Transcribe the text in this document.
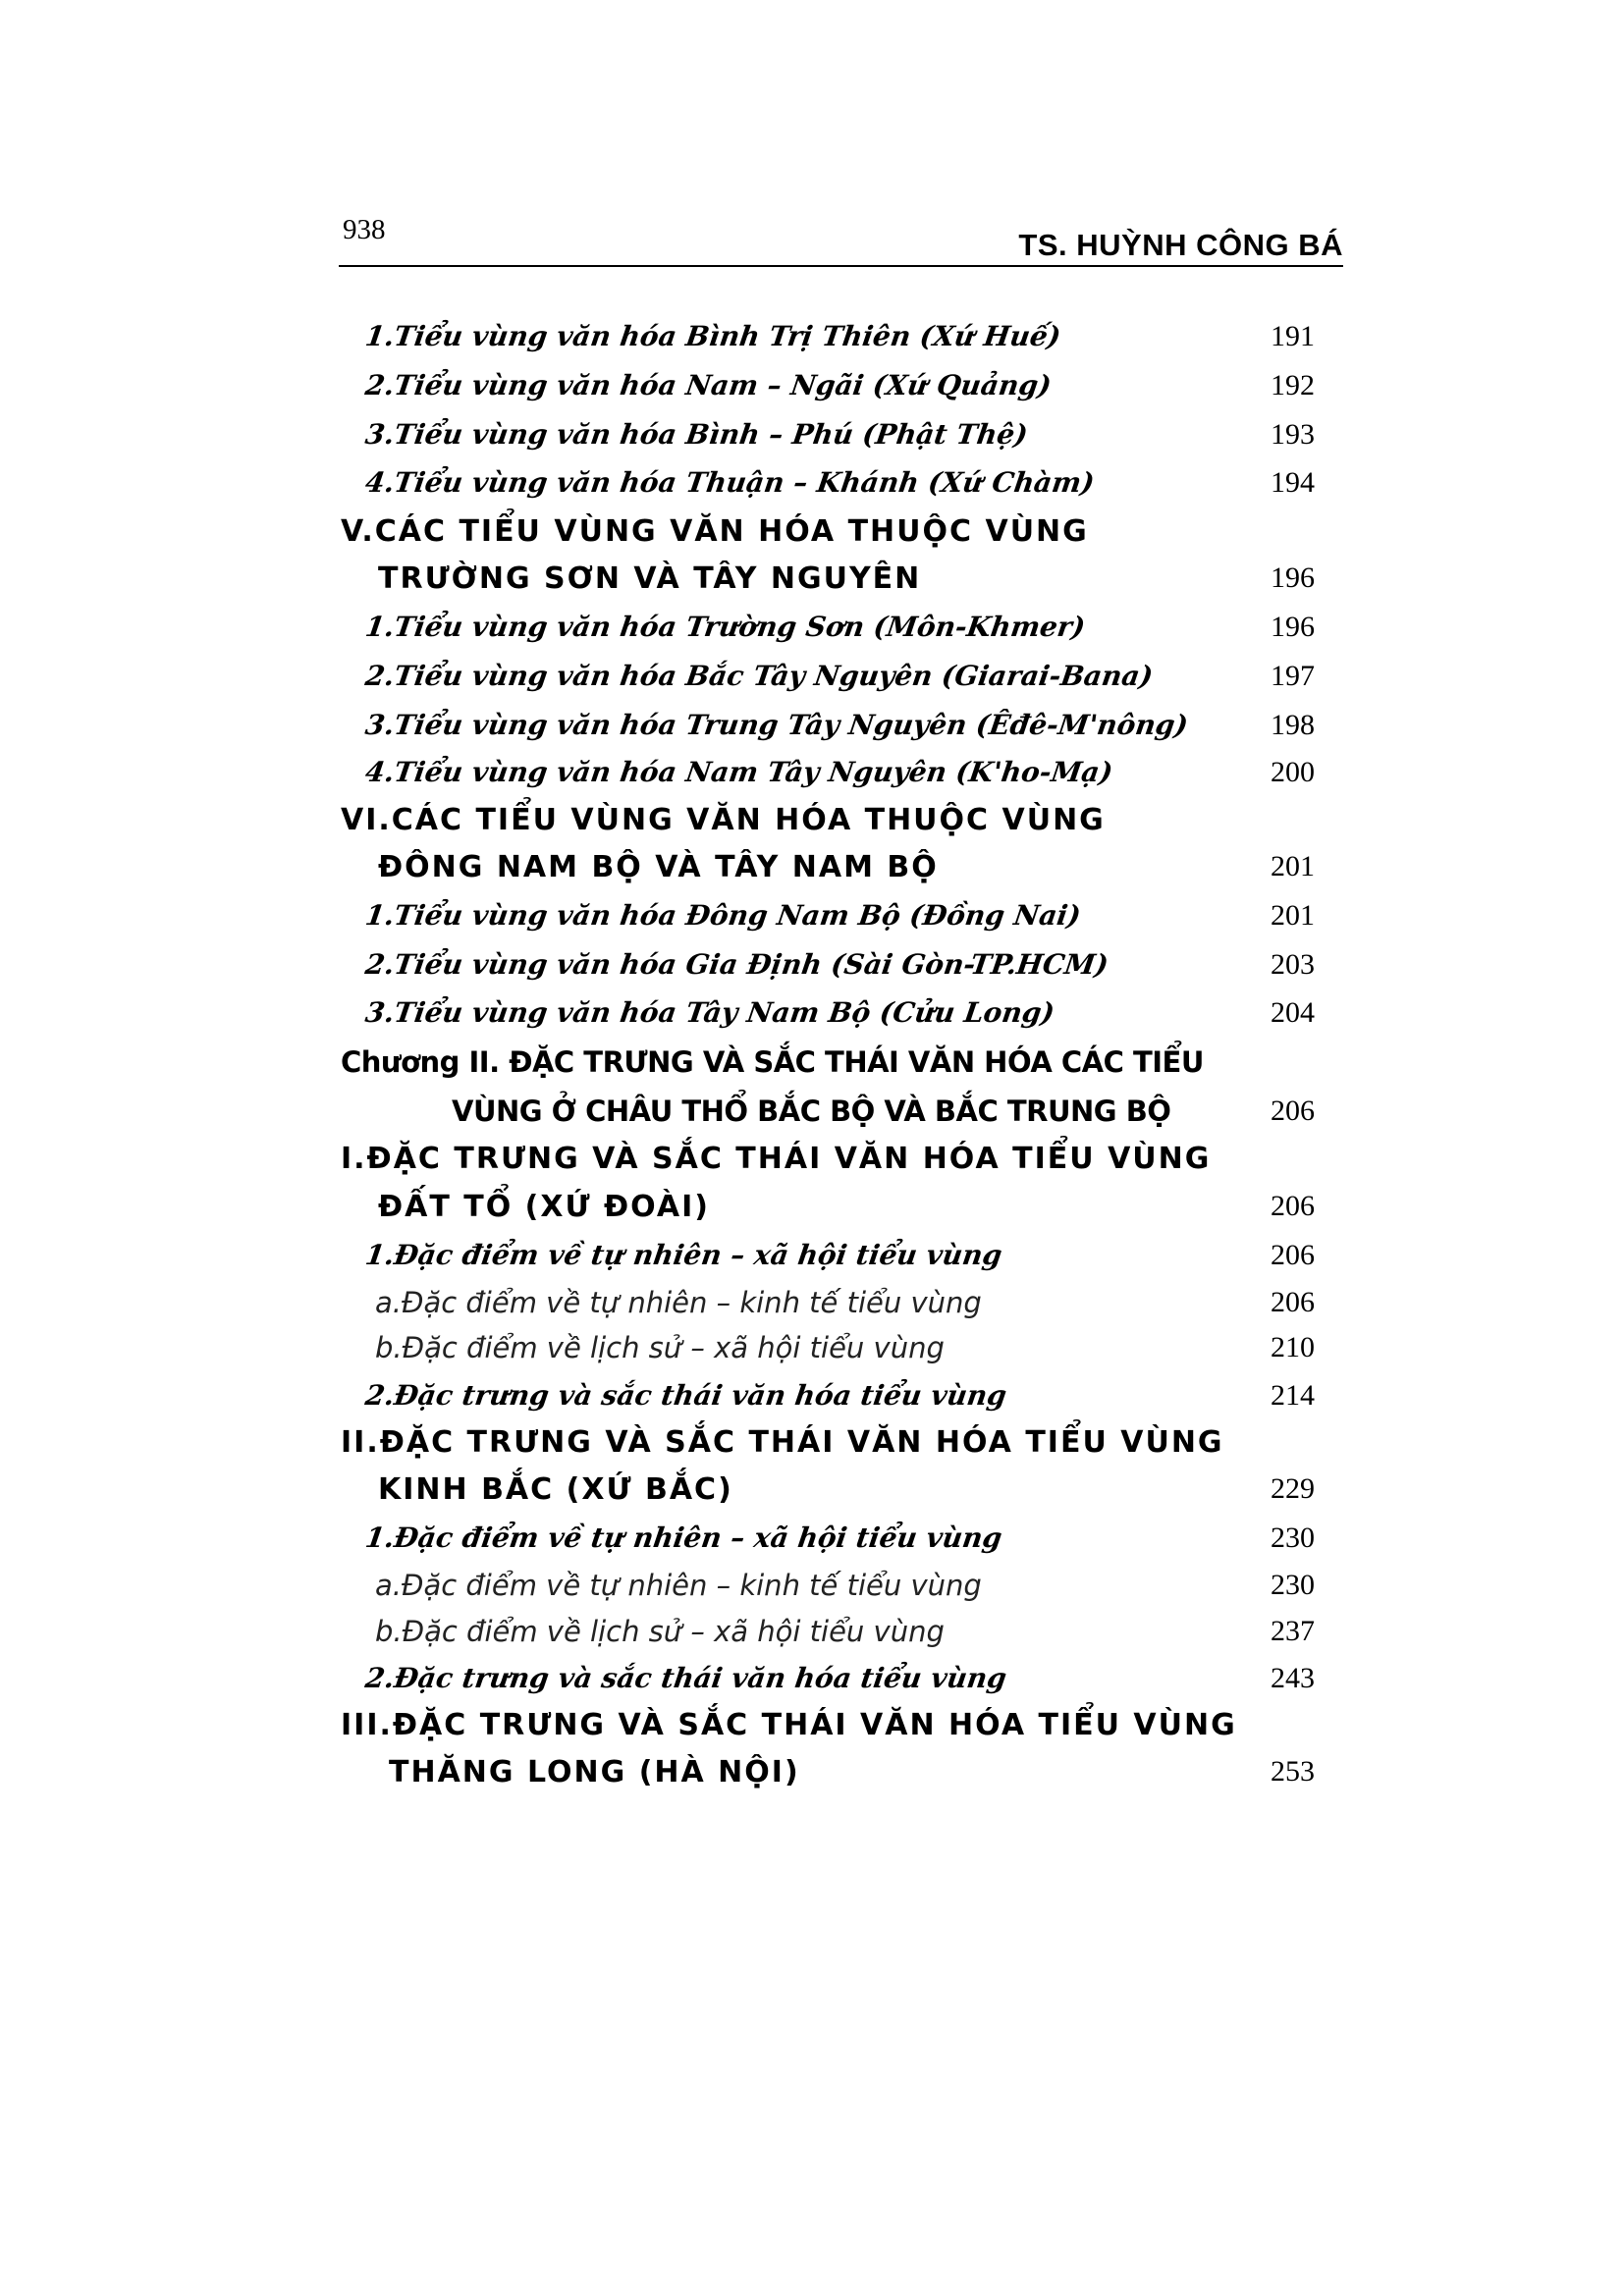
938	TS. HUỲNH CÔNG BÁ
1.Tiểu vùng văn hóa Bình Trị Thiên (Xứ Huế)	191
2.Tiểu vùng văn hóa Nam – Ngãi (Xứ Quảng)	192
3.Tiểu vùng văn hóa Bình – Phú (Phật Thệ)	193
4.Tiểu vùng văn hóa Thuận – Khánh (Xứ Chàm)	194
V.CÁC TIỂU VÙNG VĂN HÓA THUỘC VÙNG
TRƯỜNG SƠN VÀ TÂY NGUYÊN	196
1.Tiểu vùng văn hóa Trường Sơn (Môn-Khmer)	196
2.Tiểu vùng văn hóa Bắc Tây Nguyên (Giarai-Bana)	197
3.Tiểu vùng văn hóa Trung Tây Nguyên (Êđê-M'nông)	198
4.Tiểu vùng văn hóa Nam Tây Nguyên (K'ho-Mạ)	200
VI.CÁC TIỂU VÙNG VĂN HÓA THUỘC VÙNG
ĐÔNG NAM BỘ VÀ TÂY NAM BỘ	201
1.Tiểu vùng văn hóa Đông Nam Bộ (Đồng Nai)	201
2.Tiểu vùng văn hóa Gia Định (Sài Gòn-TP.HCM)	203
3.Tiểu vùng văn hóa Tây Nam Bộ (Cửu Long)	204
Chương II. ĐẶC TRƯNG VÀ SẮC THÁI VĂN HÓA CÁC TIỂU
VÙNG Ở CHÂU THỔ BẮC BỘ VÀ BẮC TRUNG BỘ	206
I.ĐẶC TRƯNG VÀ SẮC THÁI VĂN HÓA TIỂU VÙNG
ĐẤT TỔ (XỨ ĐOÀI)	206
1.Đặc điểm về tự nhiên – xã hội tiểu vùng	206
a.Đặc điểm về tự nhiên – kinh tế tiểu vùng	206
b.Đặc điểm về lịch sử – xã hội tiểu vùng	210
2.Đặc trưng và sắc thái văn hóa tiểu vùng	214
II.ĐẶC TRƯNG VÀ SẮC THÁI VĂN HÓA TIỂU VÙNG
KINH BẮC (XỨ BẮC)	229
1.Đặc điểm về tự nhiên – xã hội tiểu vùng	230
a.Đặc điểm về tự nhiên – kinh tế tiểu vùng	230
b.Đặc điểm về lịch sử – xã hội tiểu vùng	237
2.Đặc trưng và sắc thái văn hóa tiểu vùng	243
III.ĐẶC TRƯNG VÀ SẮC THÁI VĂN HÓA TIỂU VÙNG
THĂNG LONG (HÀ NỘI)	253
